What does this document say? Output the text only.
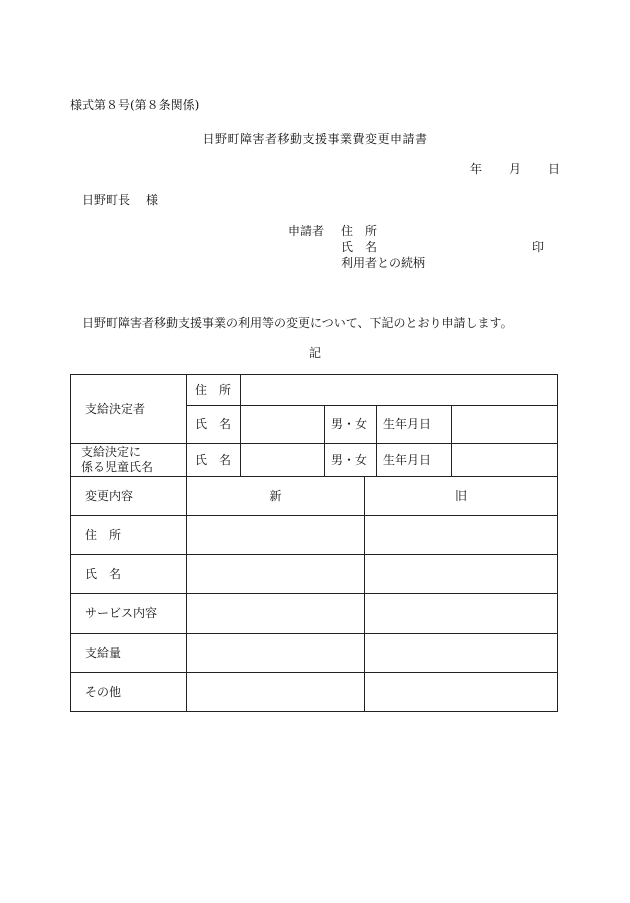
様式第８号(第８条関係)
日野町障害者移動支援事業費変更申請書
年 月 日
日野町長 様
申請者 住　所
氏　名	印
利用者との続柄
日野町障害者移動支援事業の利用等の変更について、下記のとおり申請します。
記
支給決定者	住　所					
	氏　名		男・女		生年月日	

支給決定に
係る児童氏名	氏　名		男・女		生年月日	
変更内容	新			旧		
住　所						
氏　名						
サービス内容						
支給量						
その他						
